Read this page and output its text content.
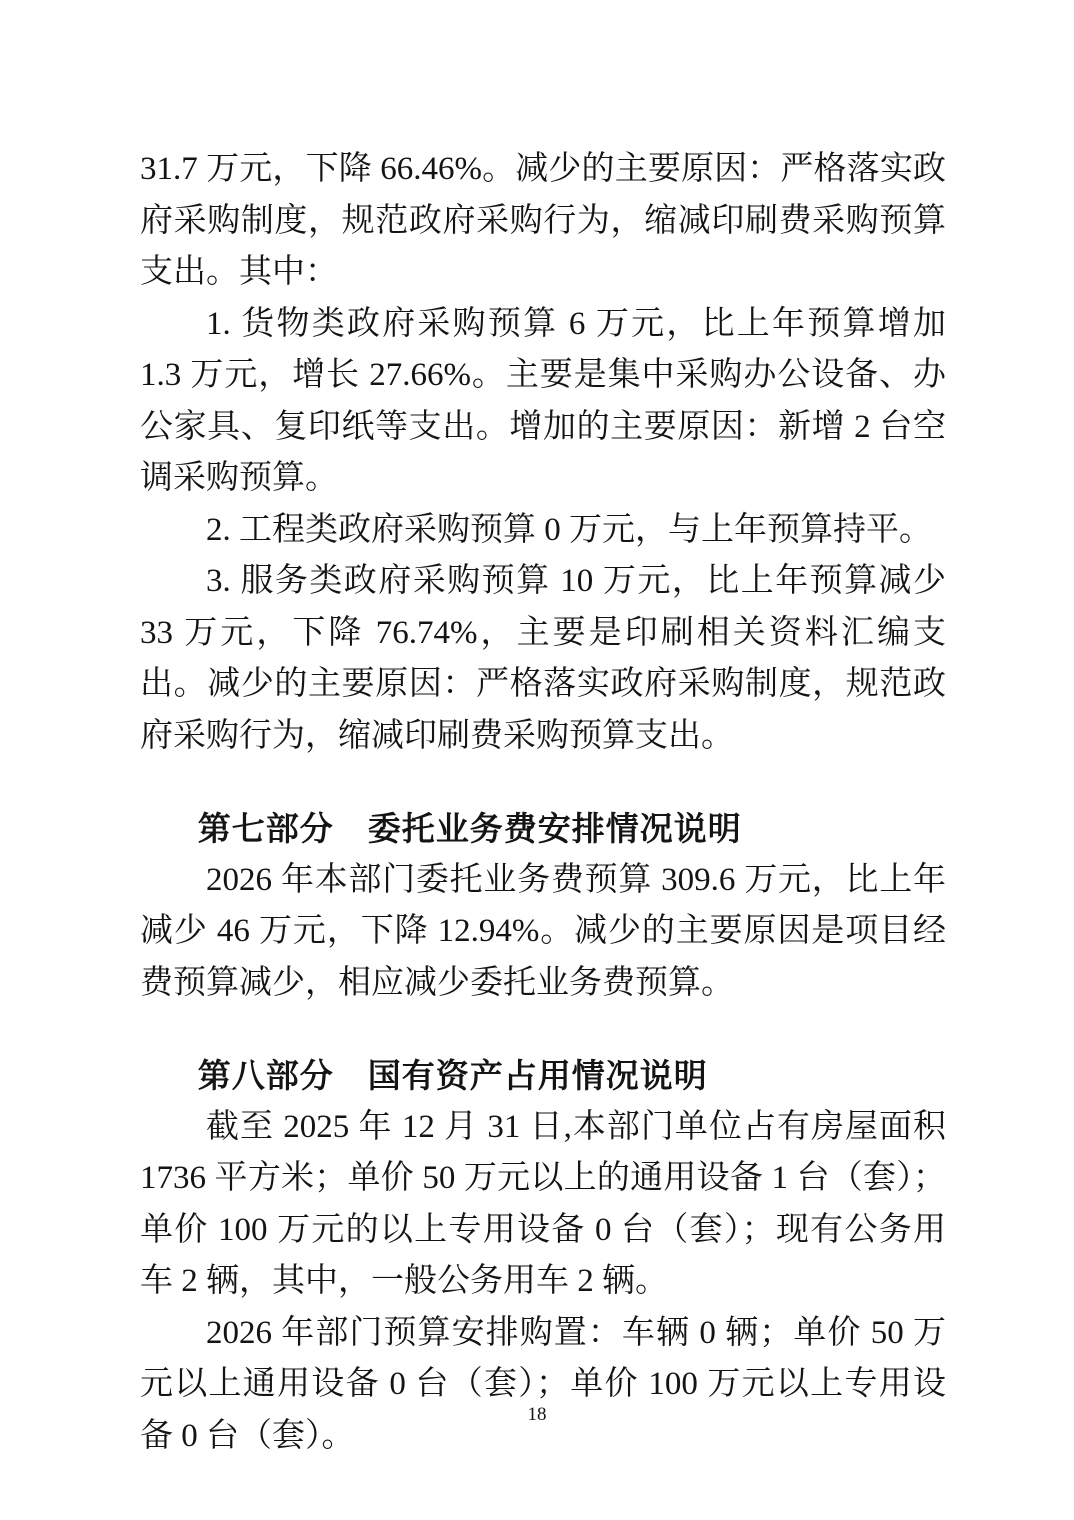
31.7 万元，下降 66.46%。减少的主要原因：严格落实政府采购制度，规范政府采购行为，缩减印刷费采购预算支出。其中：

1. 货物类政府采购预算 6 万元，比上年预算增加 1.3 万元，增长 27.66%。主要是集中采购办公设备、办公家具、复印纸等支出。增加的主要原因：新增 2 台空调采购预算。

2. 工程类政府采购预算 0 万元，与上年预算持平。

3. 服务类政府采购预算 10 万元，比上年预算减少 33 万元，下降 76.74%，主要是印刷相关资料汇编支出。减少的主要原因：严格落实政府采购制度，规范政府采购行为，缩减印刷费采购预算支出。

第七部分　委托业务费安排情况说明

2026 年本部门委托业务费预算 309.6 万元，比上年减少 46 万元，下降 12.94%。减少的主要原因是项目经费预算减少，相应减少委托业务费预算。

第八部分　国有资产占用情况说明

截至 2025 年 12 月 31 日,本部门单位占有房屋面积 1736 平方米；单价 50 万元以上的通用设备 1 台（套）；单价 100 万元的以上专用设备 0 台（套）；现有公务用车 2 辆，其中，一般公务用车 2 辆。

2026 年部门预算安排购置：车辆 0 辆；单价 50 万元以上通用设备 0 台（套）；单价 100 万元以上专用设备 0 台（套）。

18
